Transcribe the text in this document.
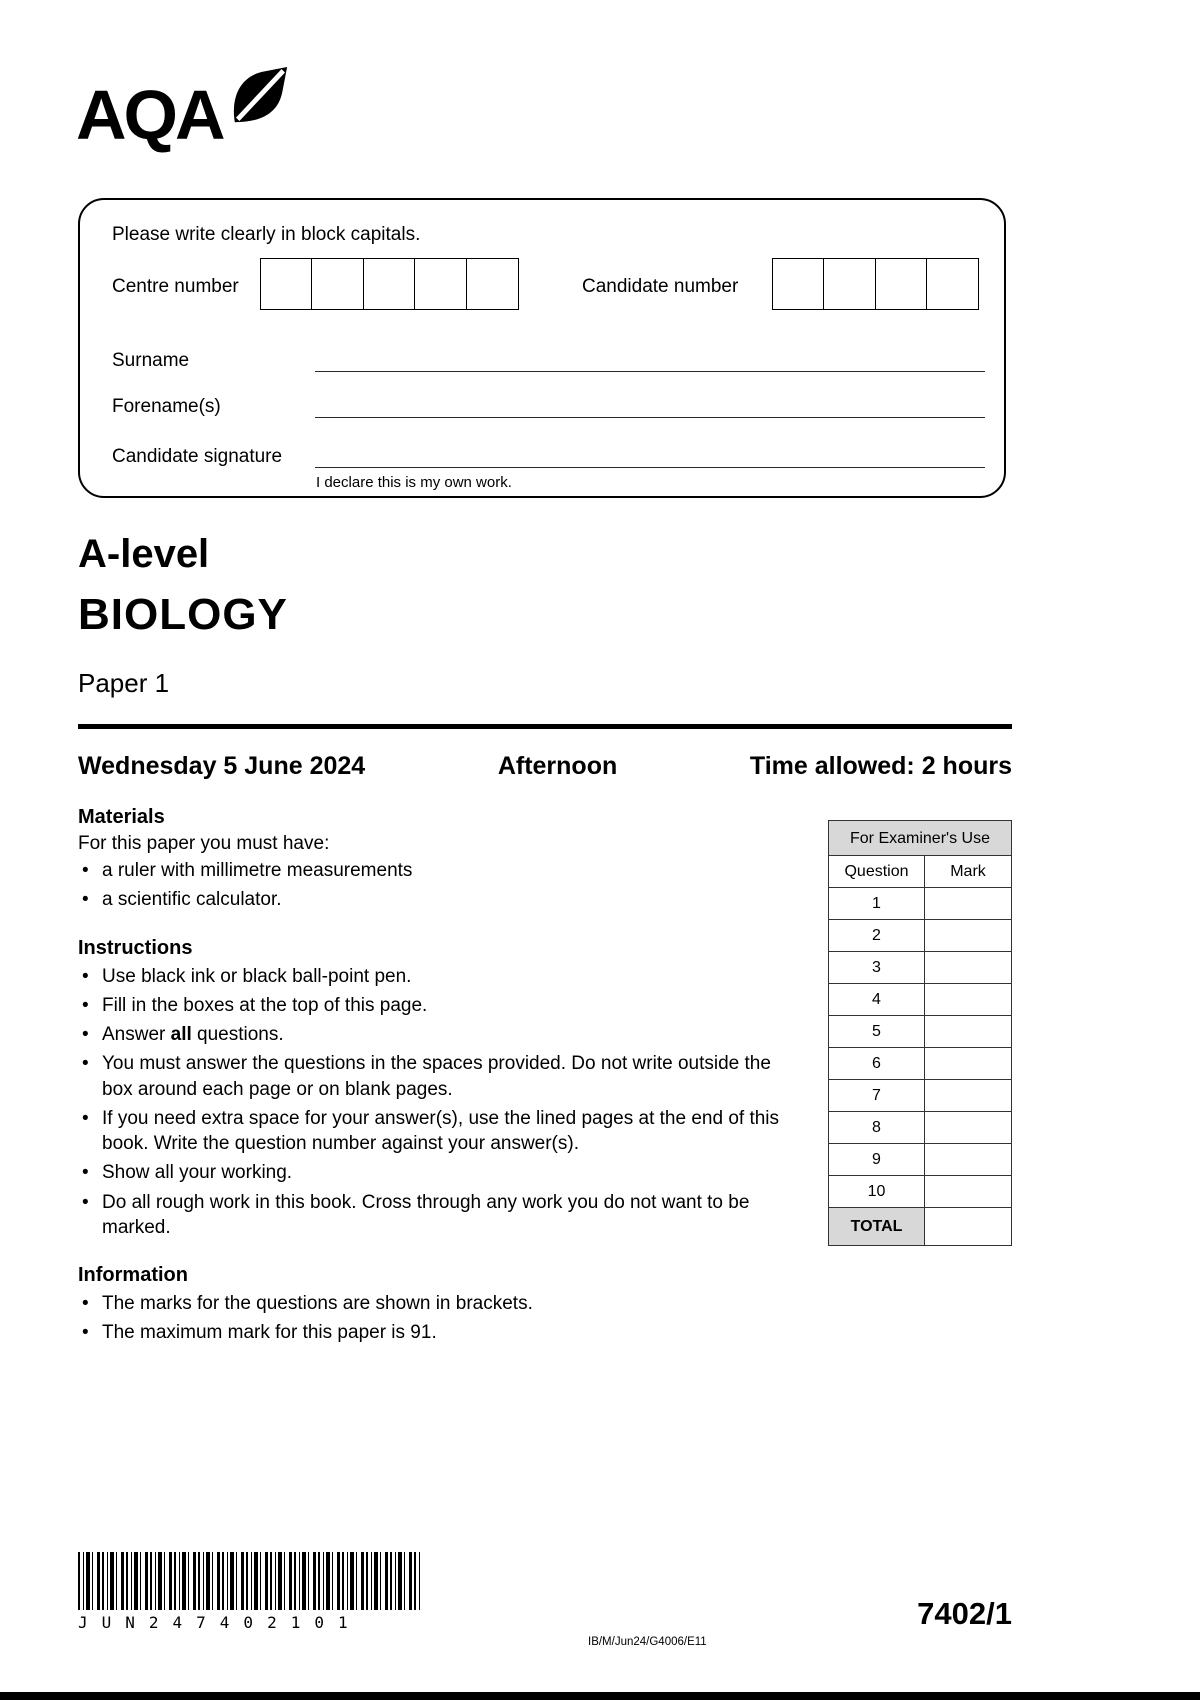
AQA
Please write clearly in block capitals.
Centre number	Candidate number
Surname
Forename(s)
Candidate signature
I declare this is my own work.
A-level
BIOLOGY
Paper 1
Wednesday 5 June 2024	Afternoon	Time allowed: 2 hours
Materials

For this paper you must have:

• a ruler with millimetre measurements
• a scientific calculator.
Instructions
• Use black ink or black ball-point pen.
• Fill in the boxes at the top of this page.
• Answer all questions.
• You must answer the questions in the spaces provided. Do not write outside the box around each page or on blank pages.
• If you need extra space for your answer(s), use the lined pages at the end of this book. Write the question number against your answer(s).
• Show all your working.
• Do all rough work in this book. Cross through any work you do not want to be marked.
Information
• The marks for the questions are shown in brackets.
• The maximum mark for this paper is 91.
For Examiner's Use
Question	Mark
1
2
3
4
5
6
7
8
9
10
TOTAL
JUN247402101
IB/M/Jun24/G4006/E11
7402/1
